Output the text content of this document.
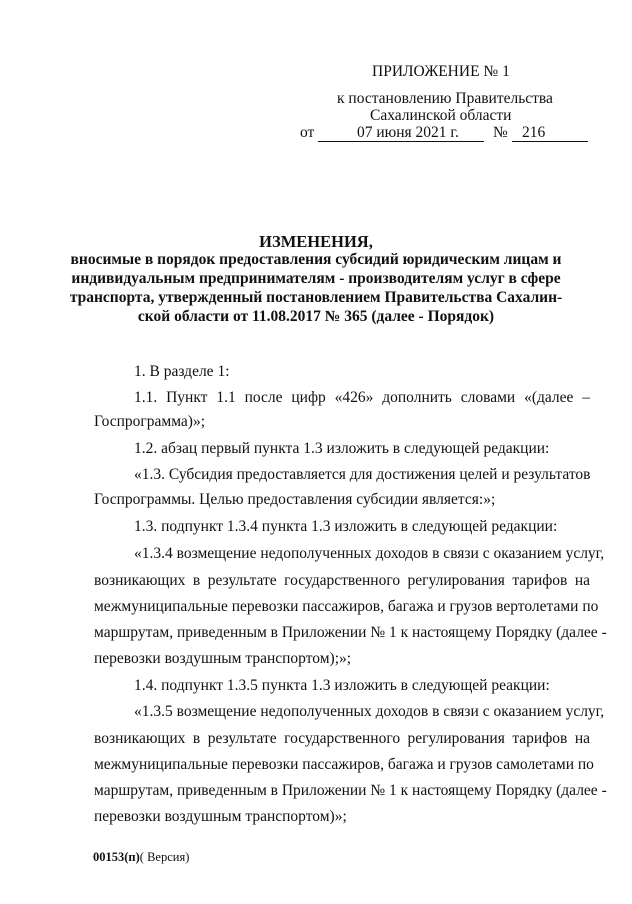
ПРИЛОЖЕНИЕ № 1
к постановлению Правительства
Сахалинской области
от	07 июня 2021 г. № 216
ИЗМЕНЕНИЯ,
вносимые в порядок предоставления субсидий юридическим лицам и
индивидуальным предпринимателям - производителям услуг в сфере
транспорта, утвержденный постановлением Правительства Сахалин-
ской области от 11.08.2017 № 365 (далее - Порядок)
1. В разделе 1:
1.1. Пункт 1.1 после цифр «426» дополнить словами «(далее –
Госпрограмма)»;
1.2. абзац первый пункта 1.3 изложить в следующей редакции:
«1.3. Субсидия предоставляется для достижения целей и результатов
Госпрограммы. Целью предоставления субсидии является:»;
1.3. подпункт 1.3.4 пункта 1.3 изложить в следующей редакции:
«1.3.4 возмещение недополученных доходов в связи с оказанием услуг,
возникающих в результате государственного регулирования тарифов на
межмуниципальные перевозки пассажиров, багажа и грузов вертолетами по
маршрутам, приведенным в Приложении № 1 к настоящему Порядку (далее -
перевозки воздушным транспортом);»;
1.4. подпункт 1.3.5 пункта 1.3 изложить в следующей реакции:
«1.3.5 возмещение недополученных доходов в связи с оказанием услуг,
возникающих в результате государственного регулирования тарифов на
межмуниципальные перевозки пассажиров, багажа и грузов самолетами по
маршрутам, приведенным в Приложении № 1 к настоящему Порядку (далее -
перевозки воздушным транспортом)»;
00153(п)( Версия)
